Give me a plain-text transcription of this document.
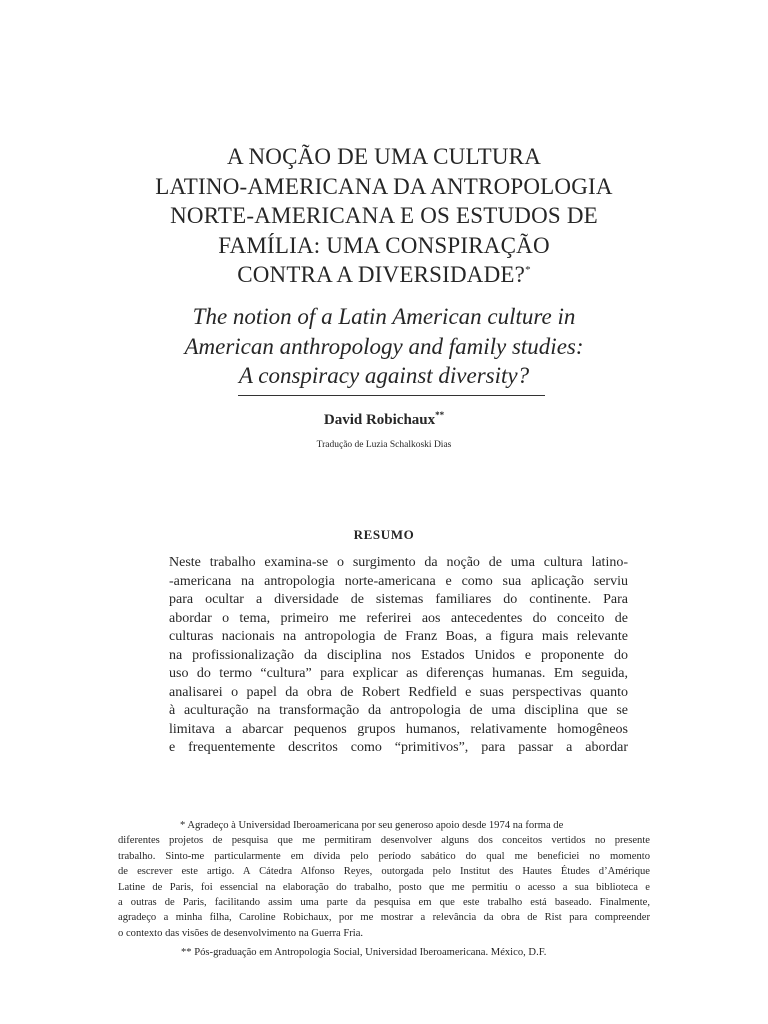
A NOÇÃO DE UMA CULTURA
LATINO-AMERICANA DA ANTROPOLOGIA
NORTE-AMERICANA E OS ESTUDOS DE
FAMÍLIA: UMA CONSPIRAÇÃO
CONTRA A DIVERSIDADE?*
The notion of a Latin American culture in
American anthropology and family studies:
A conspiracy against diversity?
David Robichaux**
Tradução de Luzia Schalkoski Dias
RESUMO
Neste trabalho examina-se o surgimento da noção de uma cultura latino-
-americana na antropologia norte-americana e como sua aplicação serviu
para ocultar a diversidade de sistemas familiares do continente. Para
abordar o tema, primeiro me referirei aos antecedentes do conceito de
culturas nacionais na antropologia de Franz Boas, a figura mais relevante
na profissionalização da disciplina nos Estados Unidos e proponente do
uso do termo “cultura” para explicar as diferenças humanas. Em seguida,
analisarei o papel da obra de Robert Redfield e suas perspectivas quanto
à aculturação na transformação da antropologia de uma disciplina que se
limitava a abarcar pequenos grupos humanos, relativamente homogêneos
e frequentemente descritos como “primitivos”, para passar a abordar
* Agradeço à Universidad Iberoamericana por seu generoso apoio desde 1974 na forma de
diferentes projetos de pesquisa que me permitiram desenvolver alguns dos conceitos vertidos no presente
trabalho. Sinto-me particularmente em dívida pelo período sabático do qual me beneficiei no momento
de escrever este artigo. A Cátedra Alfonso Reyes, outorgada pelo Institut des Hautes Études d’Amérique
Latine de Paris, foi essencial na elaboração do trabalho, posto que me permitiu o acesso a sua biblioteca e
a outras de Paris, facilitando assim uma parte da pesquisa em que este trabalho está baseado. Finalmente,
agradeço a minha filha, Caroline Robichaux, por me mostrar a relevância da obra de Rist para compreender
o contexto das visões de desenvolvimento na Guerra Fria.
** Pós-graduação em Antropologia Social, Universidad Iberoamericana. México, D.F.
